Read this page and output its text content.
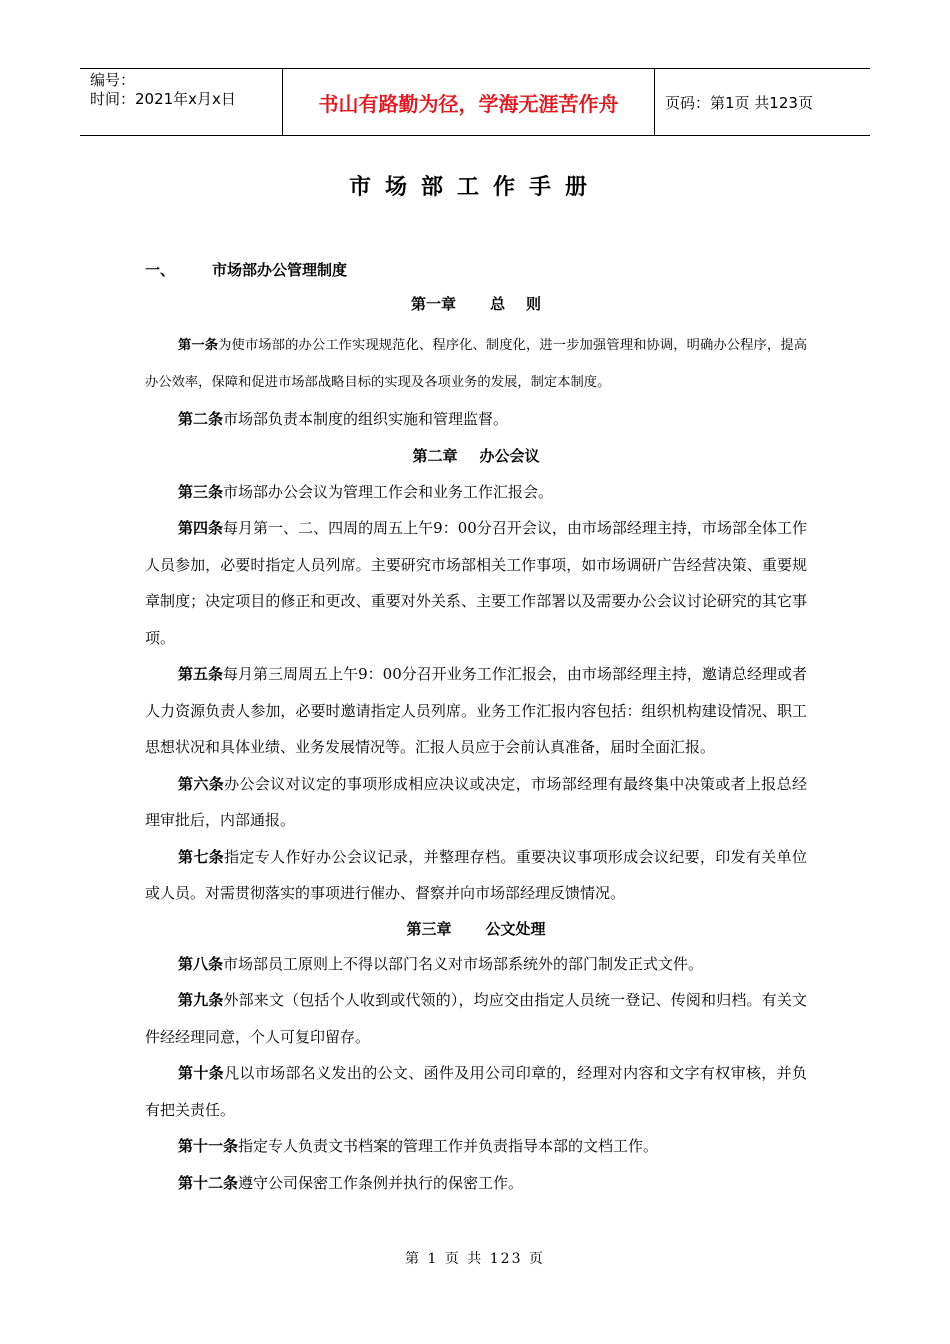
编号：
时间：2021年x月x日	书山有路勤为径，学海无涯苦作舟	页码：第1页 共123页
市场部工作手册
一、 市场部办公管理制度
第一章 总    则
第一条为使市场部的办公工作实现规范化、程序化、制度化，进一步加强管理和协调，明确办公程序，提高办公效率，保障和促进市场部战略目标的实现及各项业务的发展，制定本制度。
第二条市场部负责本制度的组织实施和管理监督。
第二章 办公会议
第三条市场部办公会议为管理工作会和业务工作汇报会。
第四条每月第一、二、四周的周五上午9：00分召开会议，由市场部经理主持，市场部全体工作人员参加，必要时指定人员列席。主要研究市场部相关工作事项，如市场调研广告经营决策、重要规章制度；决定项目的修正和更改、重要对外关系、主要工作部署以及需要办公会议讨论研究的其它事项。
第五条每月第三周周五上午9：00分召开业务工作汇报会，由市场部经理主持，邀请总经理或者人力资源负责人参加，必要时邀请指定人员列席。业务工作汇报内容包括：组织机构建设情况、职工思想状况和具体业绩、业务发展情况等。汇报人员应于会前认真准备，届时全面汇报。
第六条办公会议对议定的事项形成相应决议或决定，市场部经理有最终集中决策或者上报总经理审批后，内部通报。
第七条指定专人作好办公会议记录，并整理存档。重要决议事项形成会议纪要，印发有关单位或人员。对需贯彻落实的事项进行催办、督察并向市场部经理反馈情况。
第三章 公文处理
第八条市场部员工原则上不得以部门名义对市场部系统外的部门制发正式文件。
第九条外部来文（包括个人收到或代领的），均应交由指定人员统一登记、传阅和归档。有关文件经经理同意，个人可复印留存。
第十条凡以市场部名义发出的公文、函件及用公司印章的，经理对内容和文字有权审核，并负有把关责任。
第十一条指定专人负责文书档案的管理工作并负责指导本部的文档工作。
第十二条遵守公司保密工作条例并执行的保密工作。
第 1 页 共 123 页
